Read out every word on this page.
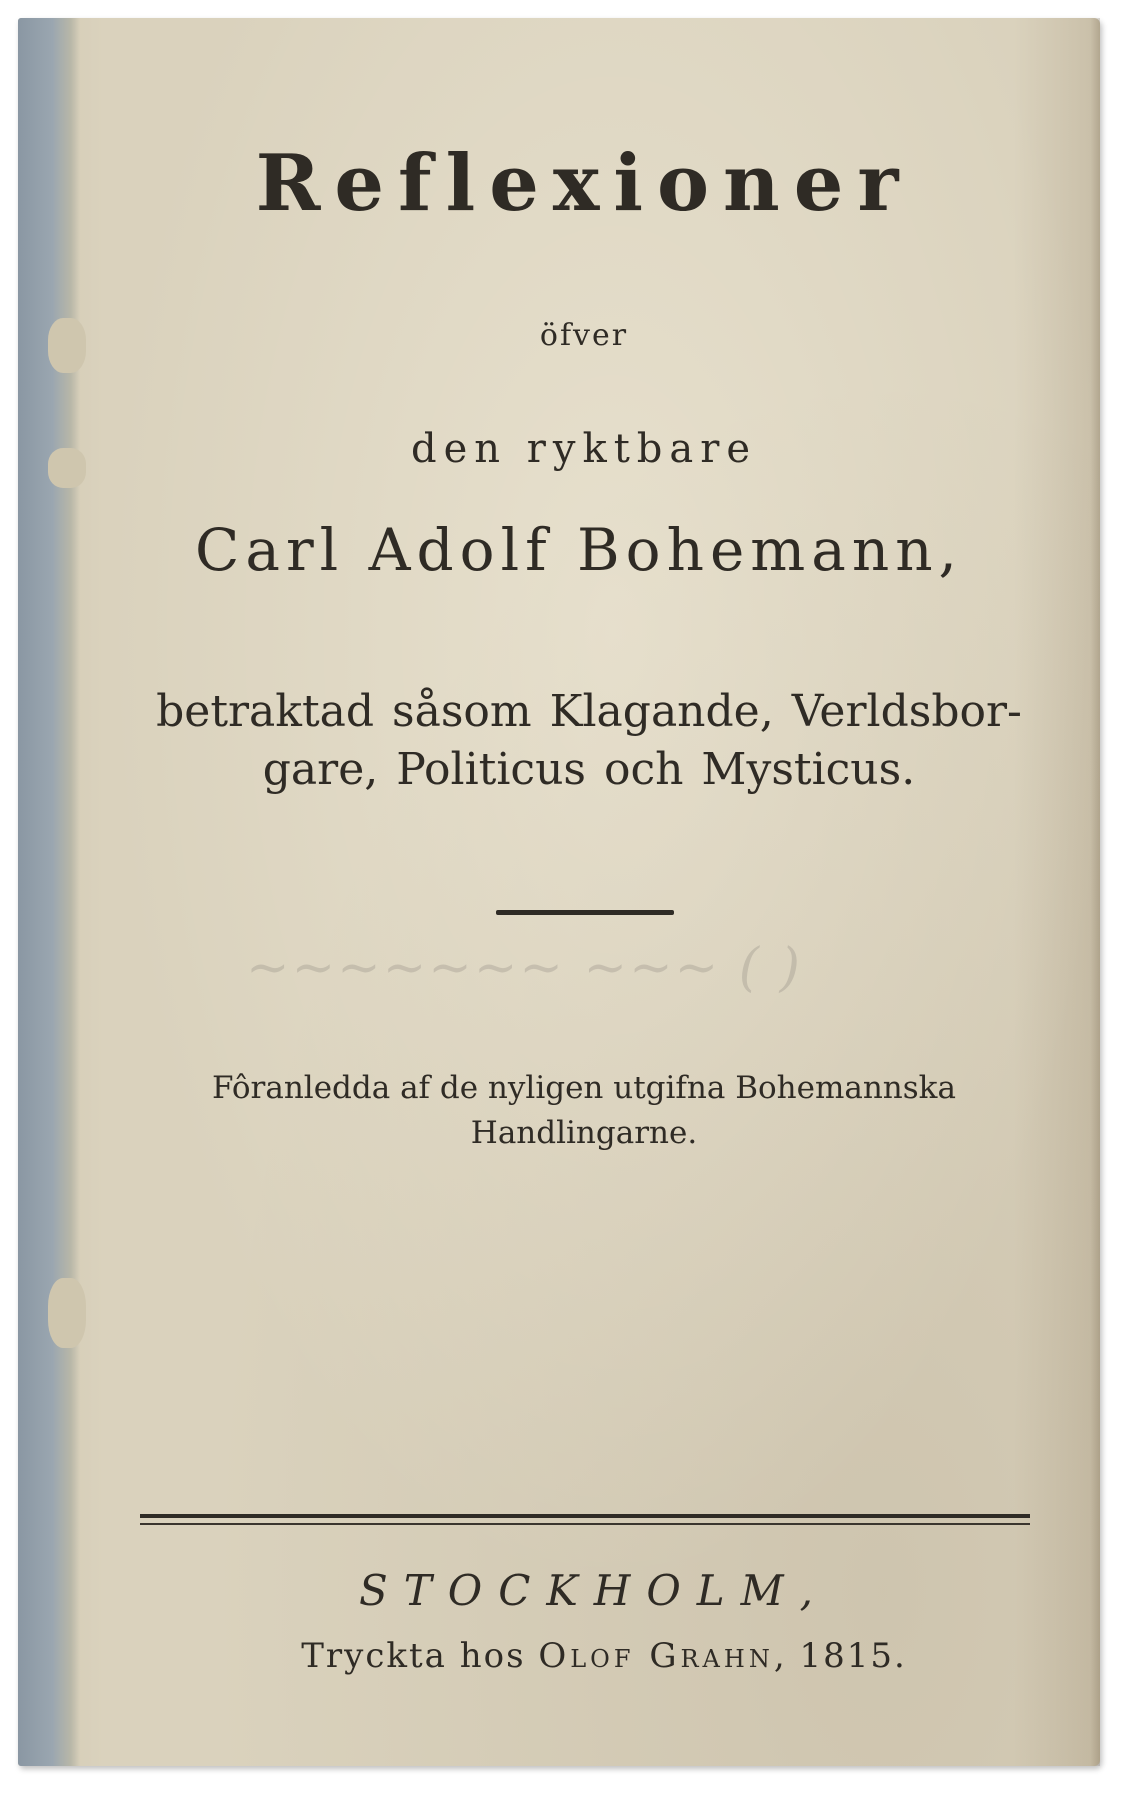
Reflexioner
öfver
den ryktbare
Carl Adolf Bohemann,
betraktad såsom Klagande, Verldsbor-gare, Politicus och Mysticus.
~~~~~~~ ~~~ ( )
Fôranledda af de nyligen utgifna Bohemannska Handlingarne.
STOCKHOLM,
Tryckta hos Olof Grahn, 1815.
